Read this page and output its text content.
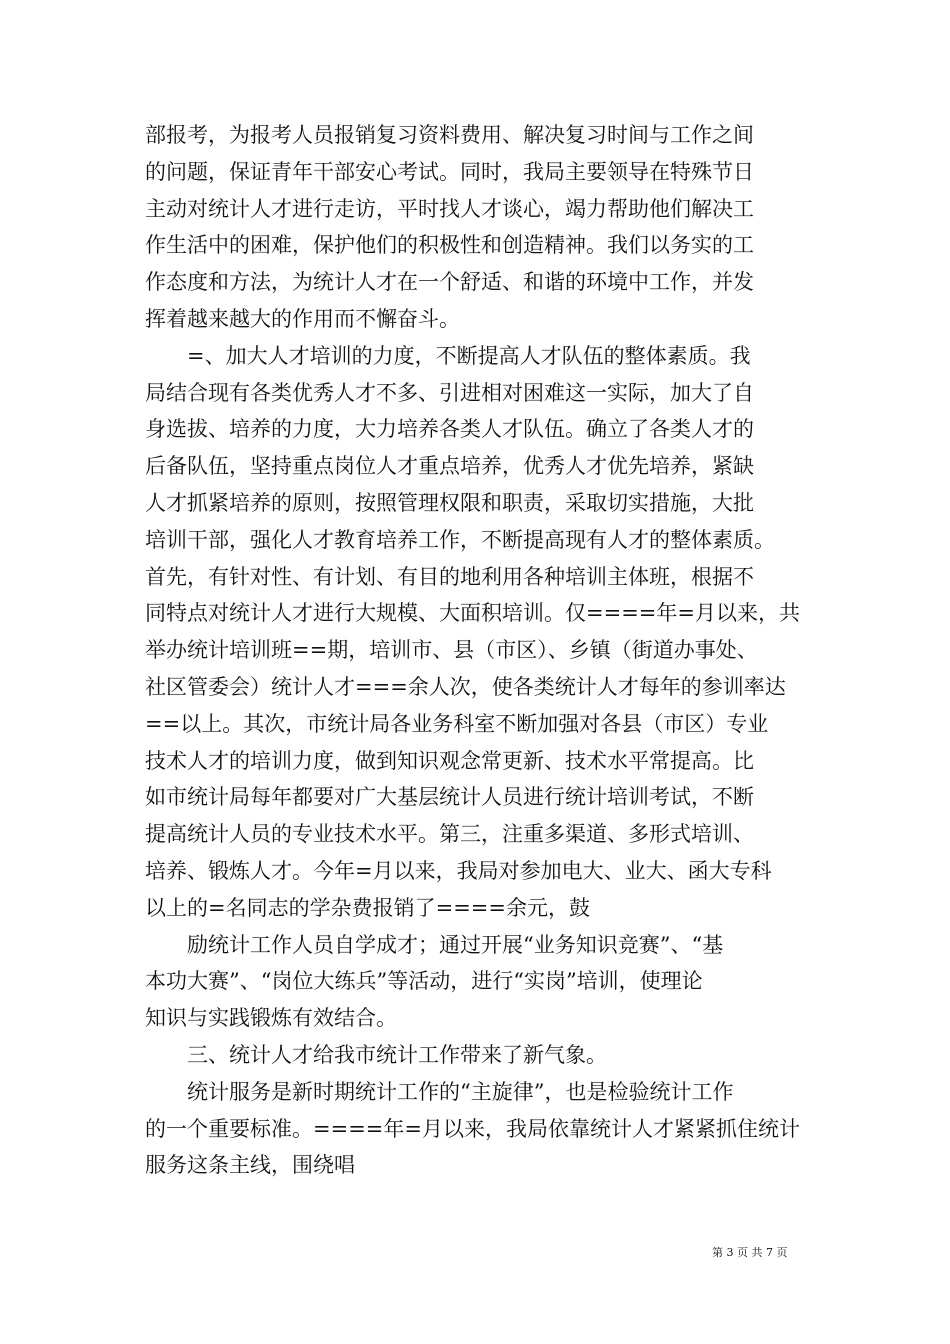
部报考，为报考人员报销复习资料费用、解决复习时间与工作之间
的问题，保证青年干部安心考试。同时，我局主要领导在特殊节日
主动对统计人才进行走访，平时找人才谈心，竭力帮助他们解决工
作生活中的困难，保护他们的积极性和创造精神。我们以务实的工
作态度和方法，为统计人才在一个舒适、和谐的环境中工作，并发
挥着越来越大的作用而不懈奋斗。
=、加大人才培训的力度，不断提高人才队伍的整体素质。我
局结合现有各类优秀人才不多、引进相对困难这一实际，加大了自
身选拔、培养的力度，大力培养各类人才队伍。确立了各类人才的
后备队伍，坚持重点岗位人才重点培养，优秀人才优先培养，紧缺
人才抓紧培养的原则，按照管理权限和职责，采取切实措施，大批
培训干部，强化人才教育培养工作，不断提高现有人才的整体素质。
首先，有针对性、有计划、有目的地利用各种培训主体班，根据不
同特点对统计人才进行大规模、大面积培训。仅====年=月以来，共
举办统计培训班==期，培训市、县（市区）、乡镇（街道办事处、
社区管委会）统计人才===余人次，使各类统计人才每年的参训率达
==以上。其次，市统计局各业务科室不断加强对各县（市区）专业
技术人才的培训力度，做到知识观念常更新、技术水平常提高。比
如市统计局每年都要对广大基层统计人员进行统计培训考试，不断
提高统计人员的专业技术水平。第三，注重多渠道、多形式培训、
培养、锻炼人才。今年=月以来，我局对参加电大、业大、函大专科
以上的=名同志的学杂费报销了====余元，鼓
励统计工作人员自学成才；通过开展“业务知识竞赛”、“基
本功大赛”、“岗位大练兵”等活动，进行“实岗”培训，使理论
知识与实践锻炼有效结合。
三、统计人才给我市统计工作带来了新气象。
统计服务是新时期统计工作的“主旋律”，也是检验统计工作
的一个重要标准。====年=月以来，我局依靠统计人才紧紧抓住统计
服务这条主线，围绕唱
第 3 页 共 7 页
